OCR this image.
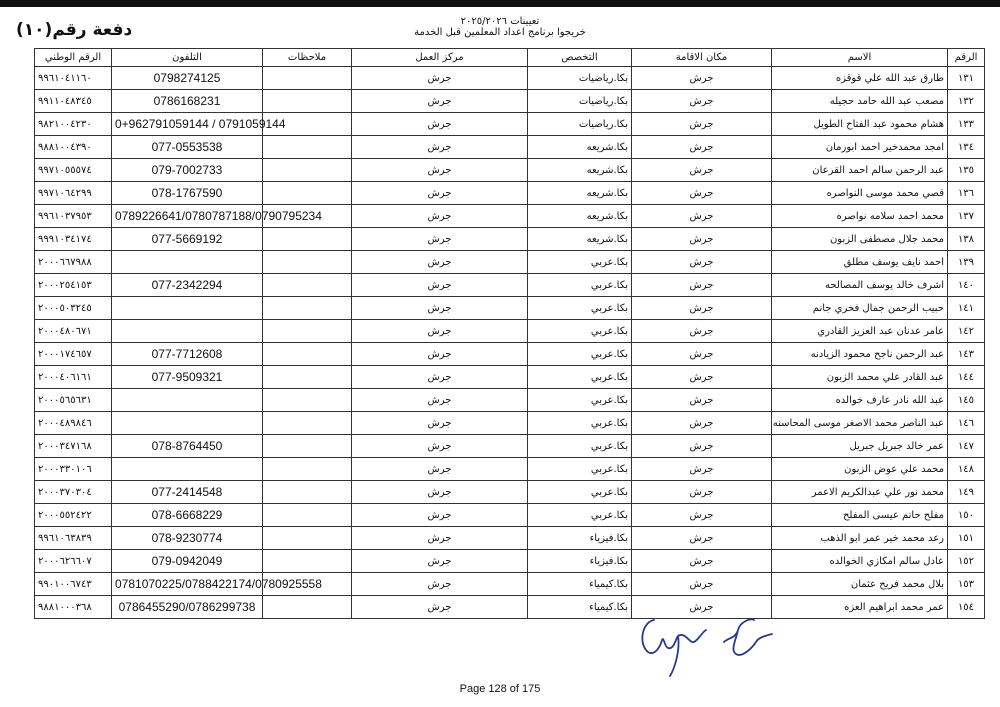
تعيينات ٢٠٢٥/٢٠٢٦
خريجوا برنامج اعداد المعلمين قبل الخدمة
دفعة رقم(١٠)
الرقم	الاسم	مكان الاقامة	التخصص	مركز العمل	ملاحظات	التلفون	الرقم الوطني
١٣١	طارق عبد الله علي قوقزه	جرش	بكا.رياضيات	جرش		0798274125	٩٩٦١٠٤١١٦٠
١٣٢	مصعب عبد الله حامد حجيله	جرش	بكا.رياضيات	جرش		0786168231	٩٩١١٠٤٨٣٤٥
١٣٣	هشام محمود عبد الفتاح الطويل	جرش	بكا.رياضيات	جرش		0+962791059144 / 0791059144	٩٨٢١٠٠٤٢٣٠
١٣٤	امجد محمدخير احمد ابورمان	جرش	بكا.شريعه	جرش		077-0553538	٩٨٨١٠٠٤٣٩٠
١٣٥	عبد الرحمن سالم احمد القرعان	جرش	بكا.شريعه	جرش		079-7002733	٩٩٧١٠٥٥٥٧٤
١٣٦	قصي محمد موسى النواصره	جرش	بكا.شريعه	جرش		078-1767590	٩٩٧١٠٦٤٢٩٩
١٣٧	محمد احمد سلامه نواصره	جرش	بكا.شريعه	جرش		0789226641/0780787188/0790795234	٩٩٦١٠٣٧٩٥٣
١٣٨	محمد جلال مصطفى الزبون	جرش	بكا.شريعه	جرش		077-5669192	٩٩٩١٠٣٤١٧٤
١٣٩	احمد نايف يوسف مطلق	جرش	بكا.عربي	جرش			٢٠٠٠٦٦٧٩٨٨
١٤٠	اشرف خالد يوسف المصالحه	جرش	بكا.عربي	جرش		077-2342294	٢٠٠٠٢٥٤١٥٣
١٤١	حبيب الرحمن جمال فخري جانم	جرش	بكا.عربي	جرش			٢٠٠٠٥٠٣٢٤٥
١٤٢	عامر عدنان عبد العزيز القادري	جرش	بكا.عربي	جرش			٢٠٠٠٤٨٠٦٧١
١٤٣	عبد الرحمن ناجح محمود الزيادنه	جرش	بكا.عربي	جرش		077-7712608	٢٠٠٠١٧٤٦٥٧
١٤٤	عبد القادر علي محمد الزبون	جرش	بكا.عربي	جرش		077-9509321	٢٠٠٠٤٠٦١٦١
١٤٥	عبد الله نادر عارف خوالده	جرش	بكا.عربي	جرش			٢٠٠٠٥٦٥٦٣١
١٤٦	عبد الناصر محمد الاصغر موسى المحاسنه	جرش	بكا.عربي	جرش			٢٠٠٠٤٨٩٨٤٦
١٤٧	عمر خالد جبريل جبريل	جرش	بكا.عربي	جرش		078-8764450	٢٠٠٠٣٤٧١٦٨
١٤٨	محمد علي عوض الزبون	جرش	بكا.عربي	جرش			٢٠٠٠٣٣٠١٠٦
١٤٩	محمد نور علي عبدالكريم الاعمر	جرش	بكا.عربي	جرش		077-2414548	٢٠٠٠٣٧٠٣٠٤
١٥٠	مفلح حاتم عيسى المفلح	جرش	بكا.عربي	جرش		078-6668229	٢٠٠٠٥٥٢٤٢٢
١٥١	رعد محمد خير عمر ابو الذهب	جرش	بكا.فيزياء	جرش		078-9230774	٩٩٦١٠٦٣٨٣٩
١٥٢	عادل سالم امكازي الخوالده	جرش	بكا.فيزياء	جرش		079-0942049	٢٠٠٠٦٢٦٦٠٧
١٥٣	بلال محمد فريح عثمان	جرش	بكا.كيمياء	جرش		0781070225/0788422174/0780925558	٩٩٠١٠٠٦٧٤٣
١٥٤	عمر محمد ابراهيم العزه	جرش	بكا.كيمياء	جرش		0786455290/0786299738	٩٨٨١٠٠٠٣٦٨
Page 128 of 175
